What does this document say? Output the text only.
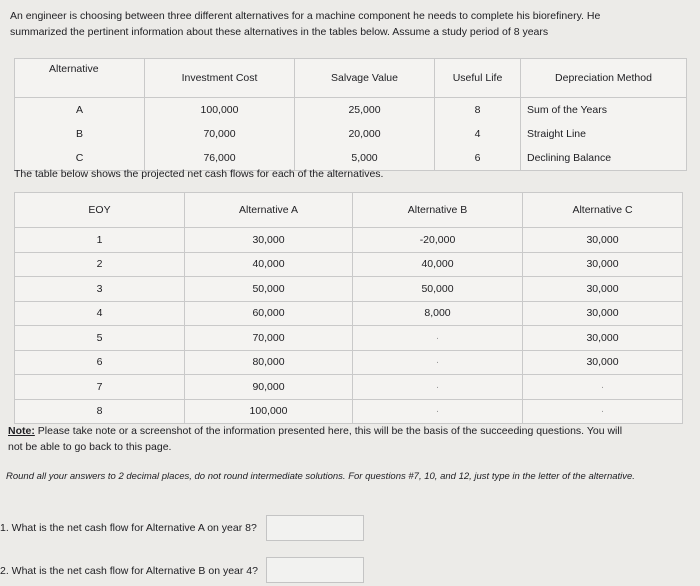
An engineer is choosing between three different alternatives for a machine component he needs to complete his biorefinery. He
summarized the pertinent information about these alternatives in the tables below. Assume a study period of 8 years
Alternative	Investment Cost	Salvage Value	Useful Life	Depreciation Method
A	100,000	25,000	8	Sum of the Years
B	70,000	20,000	4	Straight Line
C	76,000	5,000	6	Declining Balance
The table below shows the projected net cash flows for each of the alternatives.
EOY	Alternative A	Alternative B	Alternative C
1	30,000	-20,000	30,000
2	40,000	40,000	30,000
3	50,000	50,000	30,000
4	60,000	8,000	30,000
5	70,000	·	30,000
6	80,000	·	30,000
7	90,000	·	·
8	100,000	·	·
Note: Please take note or a screenshot of the information presented here, this will be the basis of the succeeding questions. You will
not be able to go back to this page.
Round all your answers to 2 decimal places, do not round intermediate solutions. For questions #7, 10, and 12, just type in the letter of the alternative.
1. What is the net cash flow for Alternative A on year 8?
2. What is the net cash flow for Alternative B on year 4?
